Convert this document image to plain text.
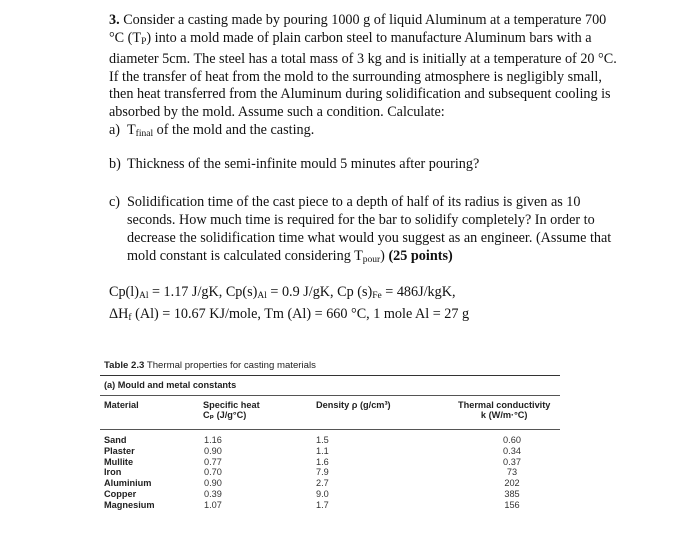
3. Consider a casting made by pouring 1000 g of liquid Aluminum at a temperature 700 °C $(T_P)$ into a mold made of plain carbon steel to manufacture Aluminum bars with a diameter 5cm. The steel has a total mass of 3 kg and is initially at a temperature of 20 °C. If the transfer of heat from the mold to the surrounding atmosphere is negligibly small, then heat transferred from the Aluminum during solidification and subsequent cooling is absorbed by the mold. Assume such a condition. Calculate:

a) $T_{final}$ of the mold and the casting.
b) Thickness of the semi-infinite mould 5 minutes after pouring?
c) Solidification time of the cast piece to a depth of half of its radius is given as 10 seconds. How much time is required for the bar to solidify completely? In order to decrease the solidification time what would you suggest as an engineer. (Assume that mold constant is calculated considering $T_{pour}$) (25 points)
$Cp(l)_{Al} = 1.17$ J/gK, $Cp(s)_{Al} = 0.9$ J/gK, Cp $(s)_{Fe} = 486J/kgK$,
$\Delta H_f$ (Al) = 10.67 KJ/mole, Tm (Al) = 660 °C, 1 mole Al = 27 g
Table 2.3 Thermal properties for casting materials
(a) Mould and metal constants
Material	Specific heat
Cₚ (J/g°C)
Density ρ (g/cm³)	Thermal conductivity
k (W/m·°C)
Sand
Plaster
Mullite
Iron
Aluminium
Copper
Magnesium
1.16
0.90
0.77
0.70
0.90
0.39
1.07
1.5
1.1
1.6
7.9
2.7
9.0
1.7
0.60
0.34
0.37
73
202
385
156
